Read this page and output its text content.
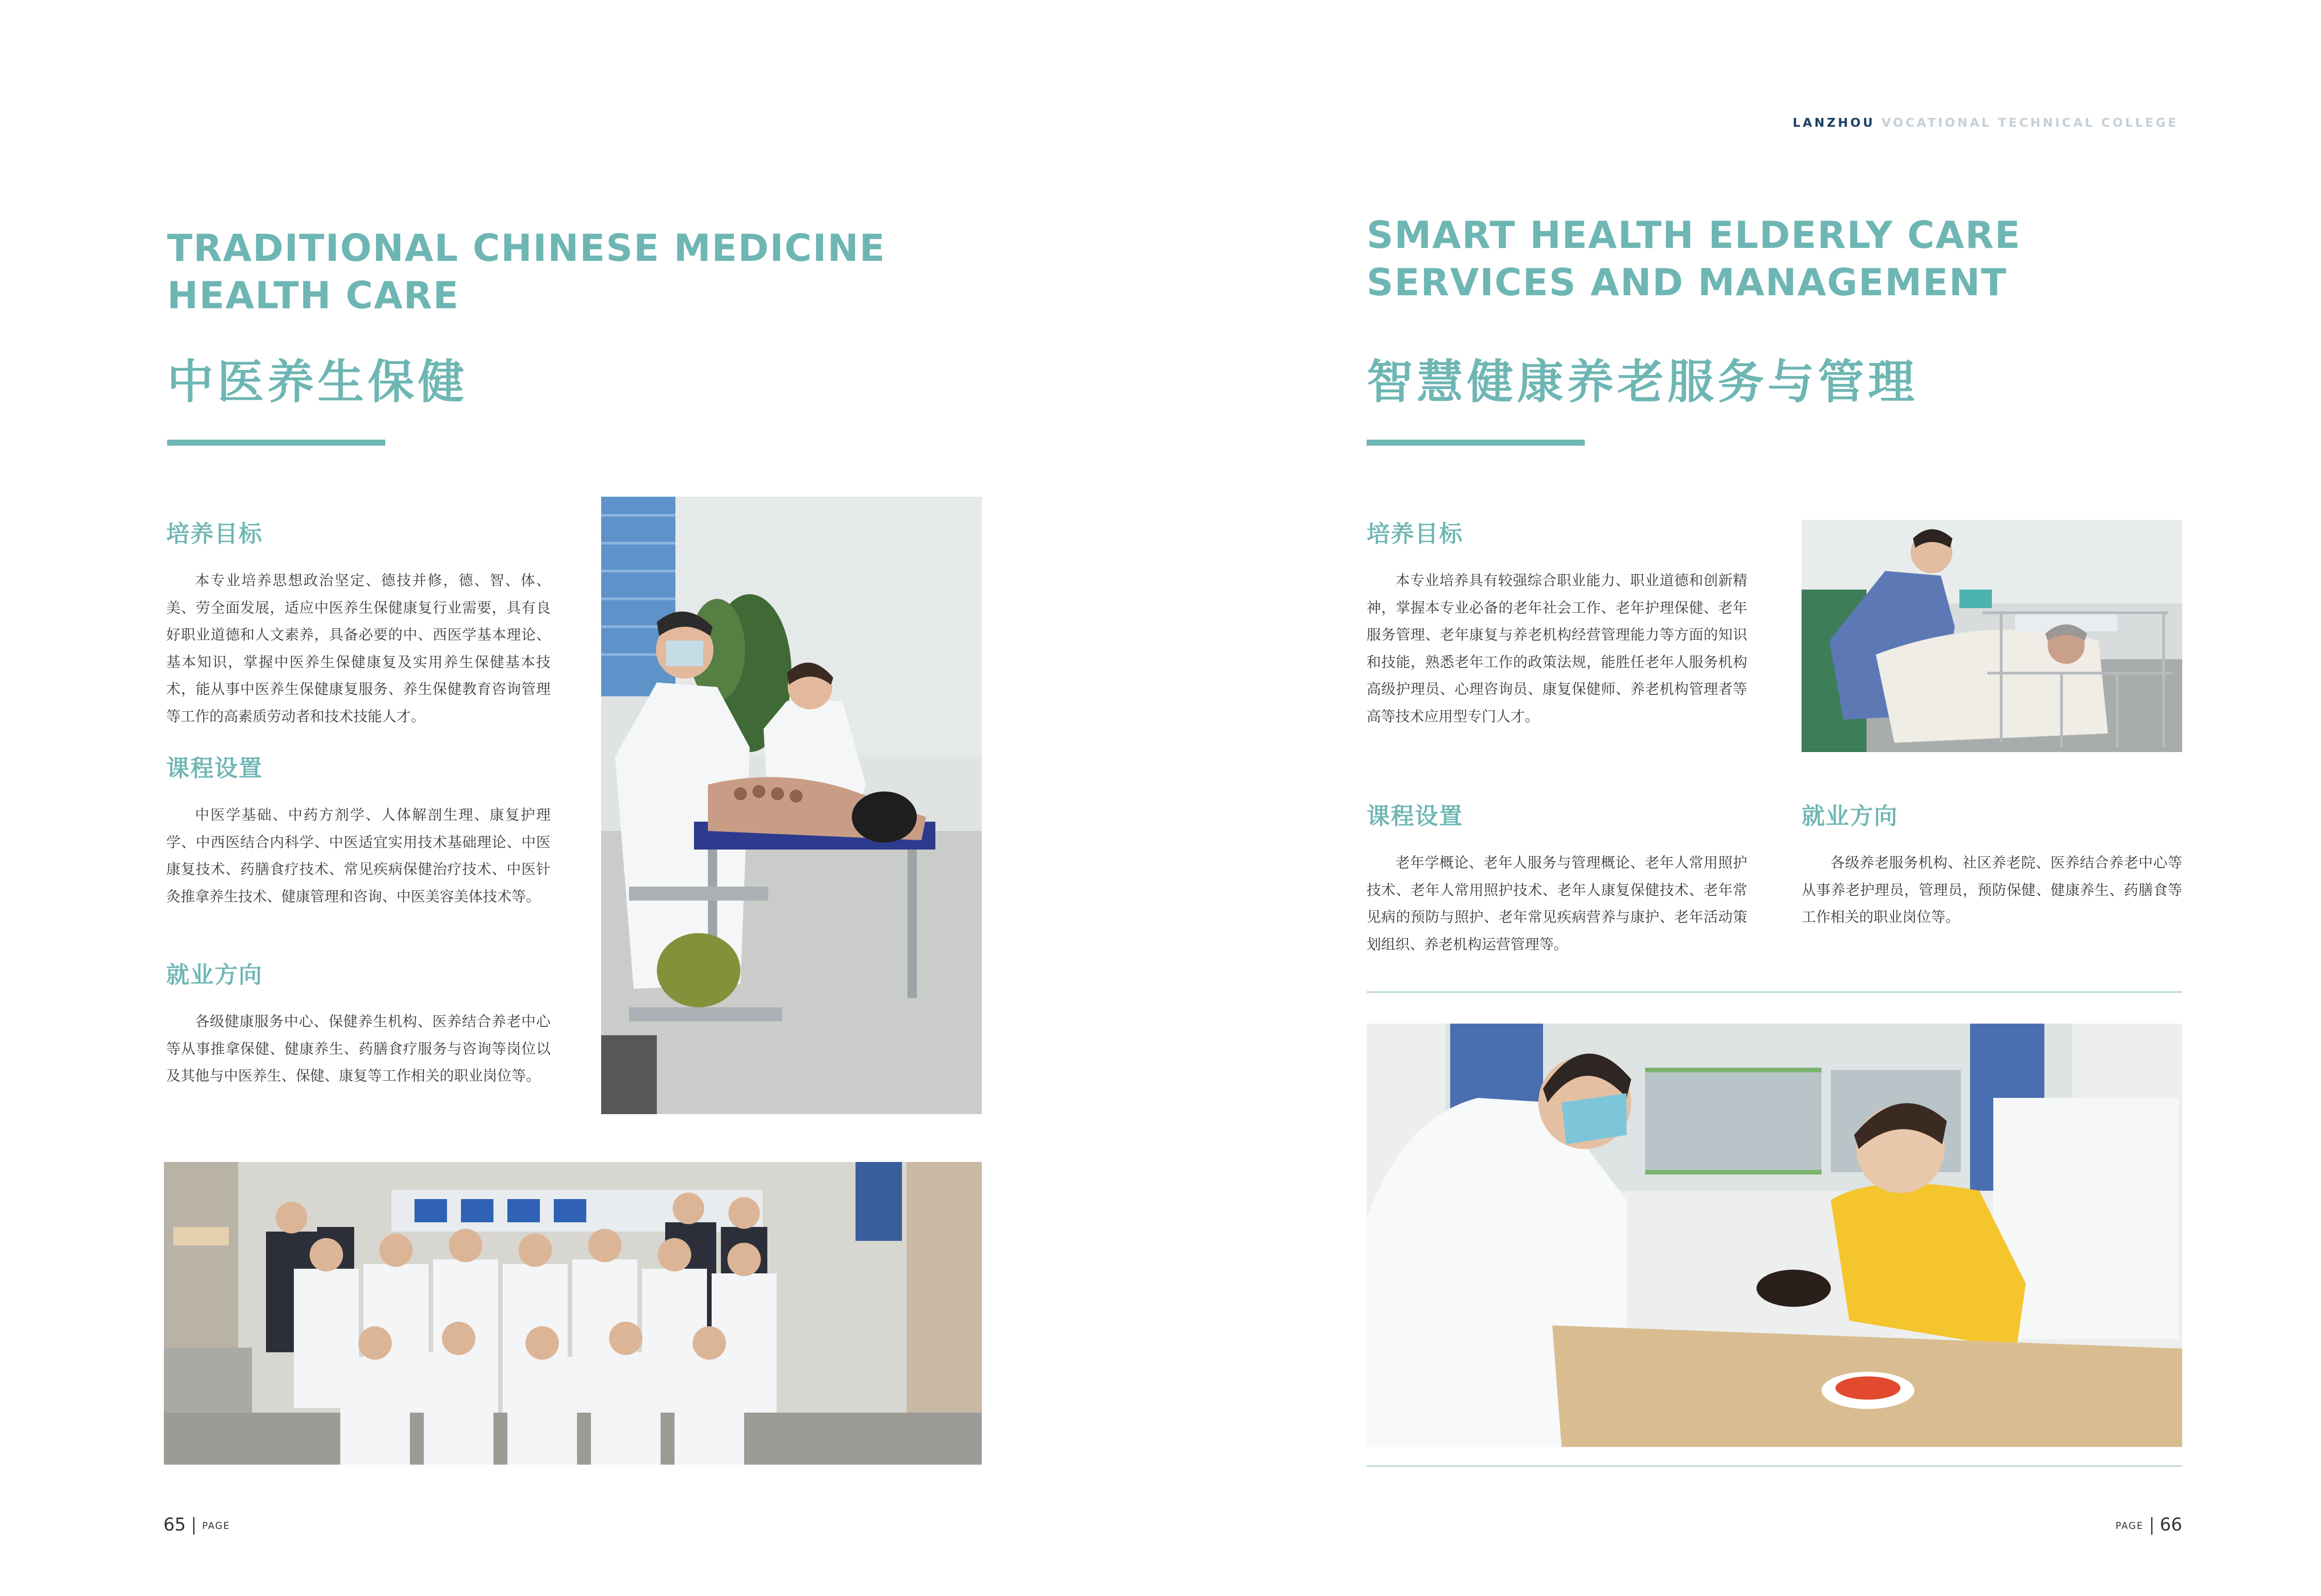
LANZHOU VOCATIONAL TECHNICAL COLLEGE
TRADITIONAL CHINESE MEDICINE
HEALTH CARE
中医养生保健
培养目标

本专业培养思想政治坚定、德技并修，德、智、体、美、劳全面发展，适应中医养生保健康复行业需要，具有良好职业道德和人文素养，具备必要的中、西医学基本理论、基本知识，掌握中医养生保健康复及实用养生保健基本技术，能从事中医养生保健康复服务、养生保健教育咨询管理等工作的高素质劳动者和技术技能人才。

课程设置

中医学基础、中药方剂学、人体解剖生理、康复护理学、中西医结合内科学、中医适宜实用技术基础理论、中医康复技术、药膳食疗技术、常见疾病保健治疗技术、中医针灸推拿养生技术、健康管理和咨询、中医美容美体技术等。

就业方向

各级健康服务中心、保健养生机构、医养结合养老中心等从事推拿保健、健康养生、药膳食疗服务与咨询等岗位以及其他与中医养生、保健、康复等工作相关的职业岗位等。

65 PAGE
SMART HEALTH ELDERLY CARE
SERVICES AND MANAGEMENT
智慧健康养老服务与管理
培养目标

本专业培养具有较强综合职业能力、职业道德和创新精神，掌握本专业必备的老年社会工作、老年护理保健、老年服务管理、老年康复与养老机构经营管理能力等方面的知识和技能，熟悉老年工作的政策法规，能胜任老年人服务机构高级护理员、心理咨询员、康复保健师、养老机构管理者等高等技术应用型专门人才。

课程设置

老年学概论、老年人服务与管理概论、老年人常用照护技术、老年人常用照护技术、老年人康复保健技术、老年常见病的预防与照护、老年常见疾病营养与康护、老年活动策划组织、养老机构运营管理等。

就业方向

各级养老服务机构、社区养老院、医养结合养老中心等从事养老护理员，管理员，预防保健、健康养生、药膳食等工作相关的职业岗位等。

PAGE 66
